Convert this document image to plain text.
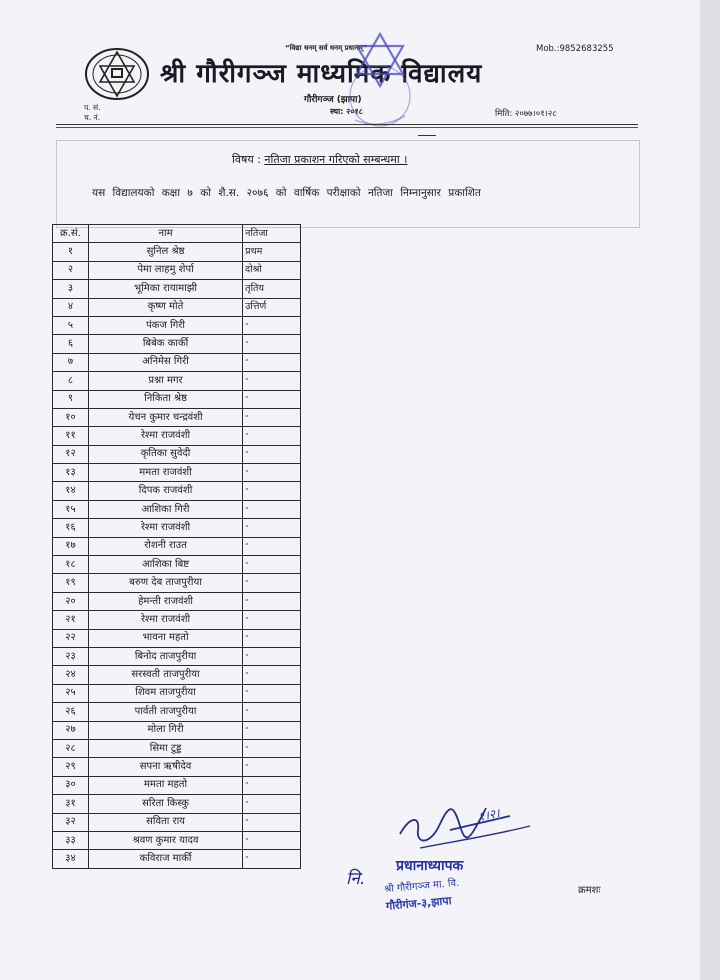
“विद्या धनम् सर्व धनम् प्रधानम्”	Mob.:9852683255
श्री गौरीगञ्ज माध्यमिक विद्यालय
गौरीगञ्ज (झापा)
स्था: २०१८
प. सं.
च. नं.	मिति: २०७७।०१।२८
विषय : नतिजा प्रकाशन गरिएको सम्बन्धमा ।
यस विद्यालयको कक्षा ७ को शै.स. २०७६ को वार्षिक परीक्षाको नतिजा निम्नानुसार प्रकाशित
क्र.सं.	नाम	नतिजा
१	सुनिल श्रेष्ठ	प्रथम
२	पेमा लाहमु शेर्पा	दोश्रो
३	भूमिका रायामाझी	तृतिय
४	कृष्ण मोते	उत्तिर्ण
५	पंकज गिरी	"
६	बिबेक कार्की	"
७	अनिमेस गिरी	"
८	प्रश्ना मगर	"
९	निकिता श्रेष्ठ	"
१०	येचन कुमार चन्द्रवंशी	"
११	रेश्मा राजवंशी	"
१२	कृतिका सुवेदी	"
१३	ममता राजवंशी	"
१४	दिपक राजवंशी	"
१५	आशिका गिरी	"
१६	रेश्मा राजवंशी	"
१७	रोशनी राउत	"
१८	आशिका बिष्ट	"
१९	बरुण देब ताजपुरीया	"
२०	हेमन्ती राजवंशी	"
२१	रेश्मा राजवंशी	"
२२	भावना महतो	"
२३	बिनोद ताजपुरीया	"
२४	सरस्वती ताजपुरीया	"
२५	शिवम ताजपुरीया	"
२६	पार्वती ताजपुरीया	"
२७	मोला गिरी	"
२८	सिमा टुड्ड	"
२९	सपना ऋषीदेव	"
३०	ममता महतो	"
३१	सरिता किस्कु	"
३२	सविता राय	"
३३	श्रवण कुमार यादव	"
३४	कविराज मार्की	"
१।२।
नि.
प्रधानाध्यापक
श्री गौरीगञ्ज मा. वि.
गौरीगंज-३,झापा
क्रमशः
